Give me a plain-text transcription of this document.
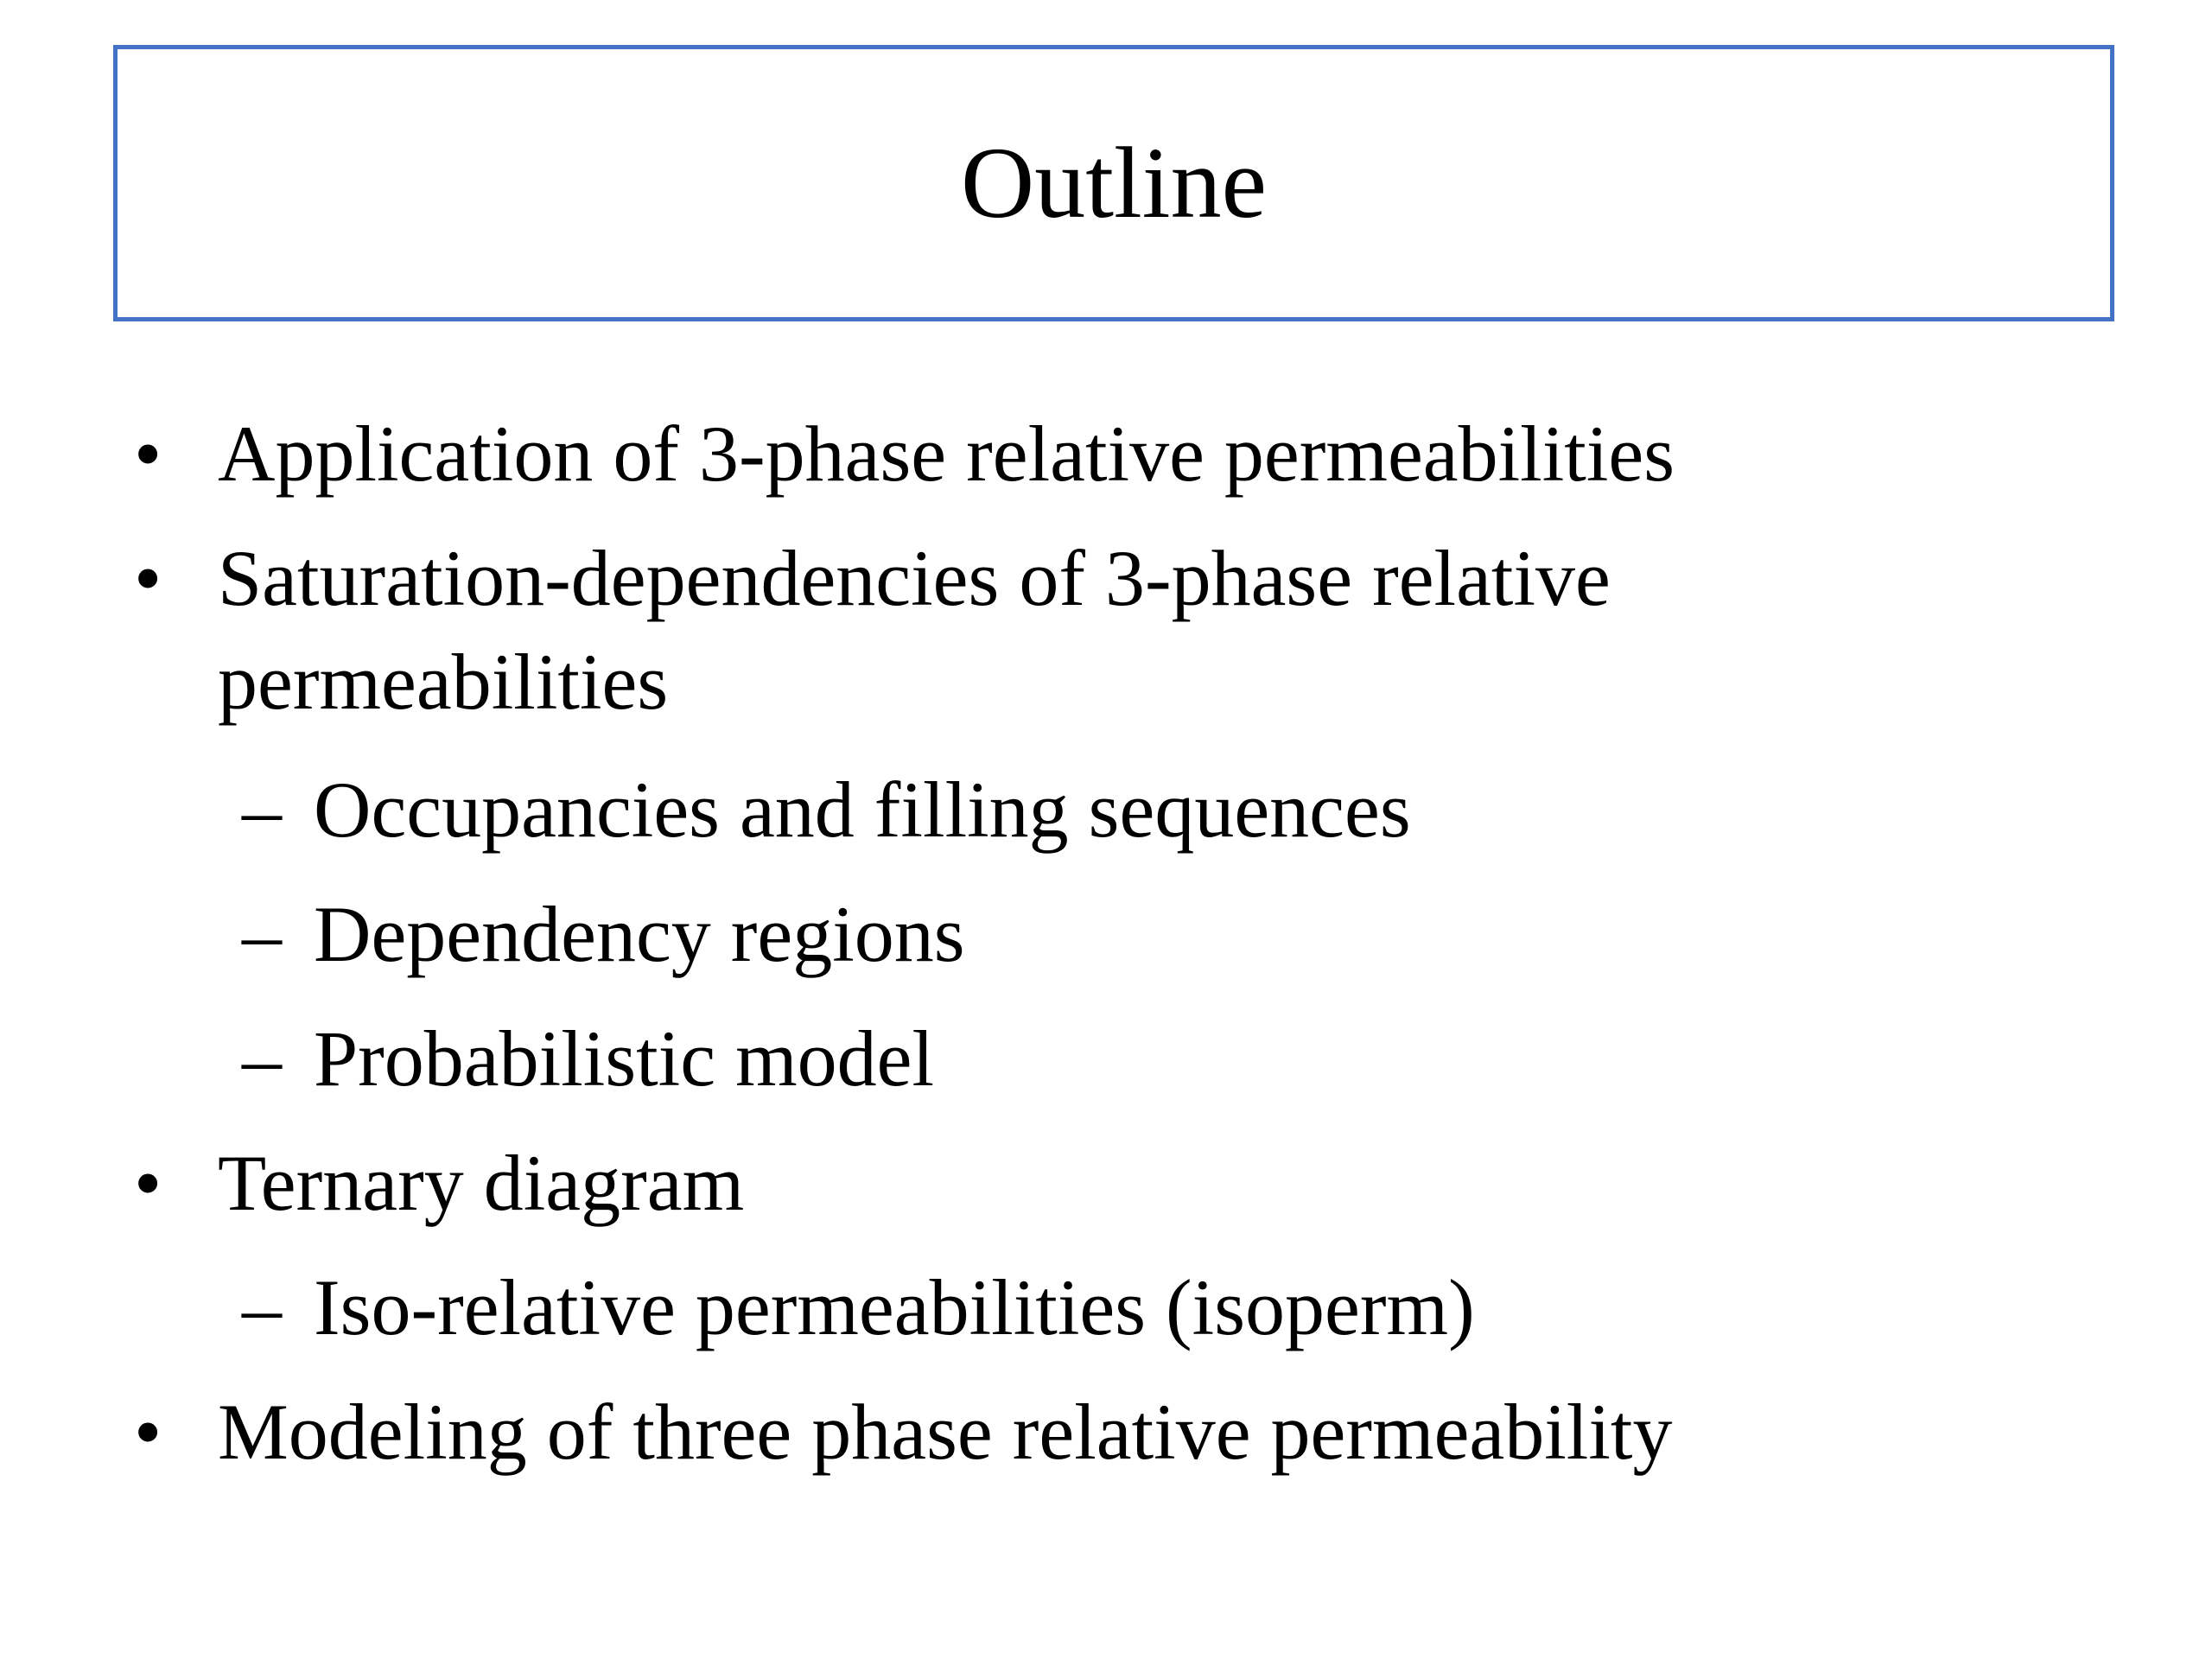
Outline
• Application of 3-phase relative permeabilities
• Saturation-dependencies of 3-phase relative
permeabilities
– Occupancies and filling sequences
– Dependency regions
– Probabilistic model
• Ternary diagram
– Iso-relative permeabilities (isoperm)
• Modeling of three phase relative permeability
